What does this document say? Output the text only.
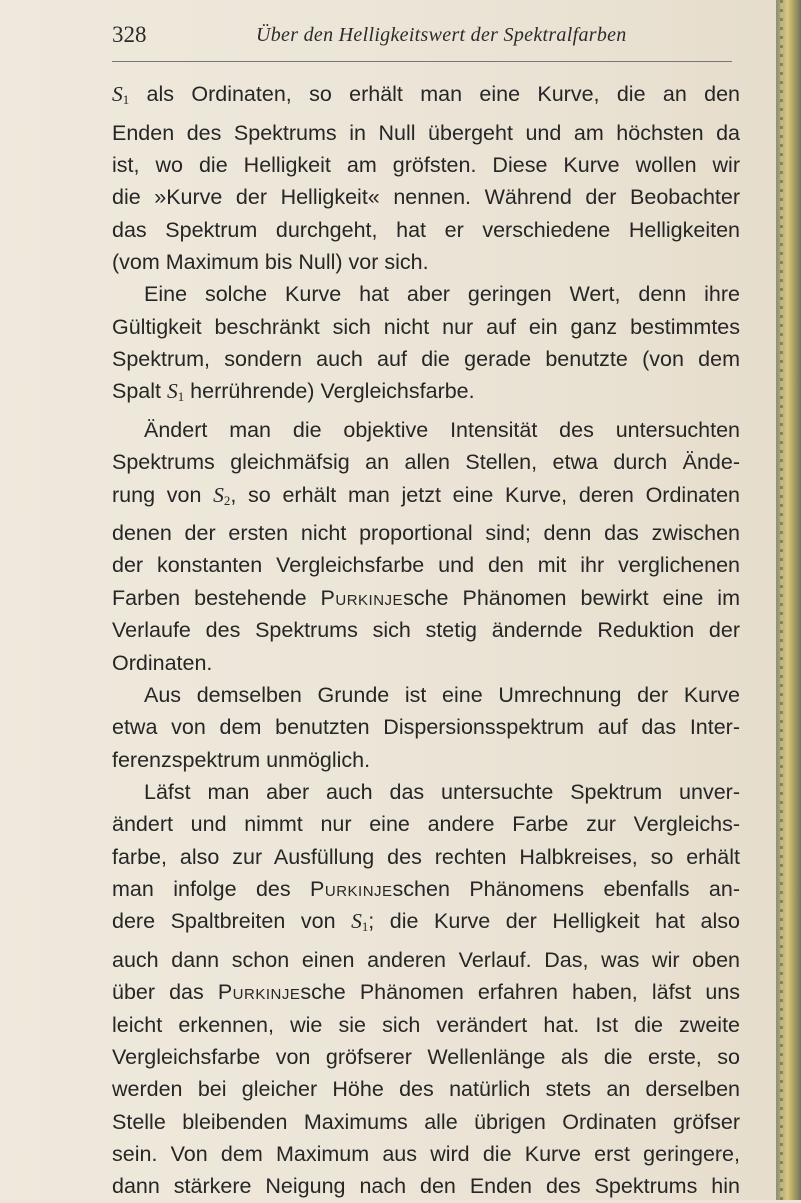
328	Über den Helligkeitswert der Spektralfarben

$S_1$ als Ordinaten, so erhält man eine Kurve, die an den

Enden des Spektrums in Null übergeht und am höchsten da

ist, wo die Helligkeit am gröfsten. Diese Kurve wollen wir

die »Kurve der Helligkeit« nennen. Während der Beobachter

das Spektrum durchgeht, hat er verschiedene Helligkeiten

(vom Maximum bis Null) vor sich.

Eine solche Kurve hat aber geringen Wert, denn ihre

Gültigkeit beschränkt sich nicht nur auf ein ganz bestimmtes

Spektrum, sondern auch auf die gerade benutzte (von dem

Spalt $S_1$ herrührende) Vergleichsfarbe.

Ändert man die objektive Intensität des untersuchten

Spektrums gleichmäfsig an allen Stellen, etwa durch Ände-

rung von $S_2$, so erhält man jetzt eine Kurve, deren Ordinaten

denen der ersten nicht proportional sind; denn das zwischen

der konstanten Vergleichsfarbe und den mit ihr verglichenen

Farben bestehende Purkinjesche Phänomen bewirkt eine im

Verlaufe des Spektrums sich stetig ändernde Reduktion der

Ordinaten.

Aus demselben Grunde ist eine Umrechnung der Kurve

etwa von dem benutzten Dispersionsspektrum auf das Inter-

ferenzspektrum unmöglich.

Läfst man aber auch das untersuchte Spektrum unver-

ändert und nimmt nur eine andere Farbe zur Vergleichs-

farbe, also zur Ausfüllung des rechten Halbkreises, so erhält

man infolge des Purkinjeschen Phänomens ebenfalls an-

dere Spaltbreiten von $S_1$; die Kurve der Helligkeit hat also

auch dann schon einen anderen Verlauf. Das, was wir oben

über das Purkinjesche Phänomen erfahren haben, läfst uns

leicht erkennen, wie sie sich verändert hat. Ist die zweite

Vergleichsfarbe von gröfserer Wellenlänge als die erste, so

werden bei gleicher Höhe des natürlich stets an derselben

Stelle bleibenden Maximums alle übrigen Ordinaten gröfser

sein. Von dem Maximum aus wird die Kurve erst geringere,

dann stärkere Neigung nach den Enden des Spektrums hin
